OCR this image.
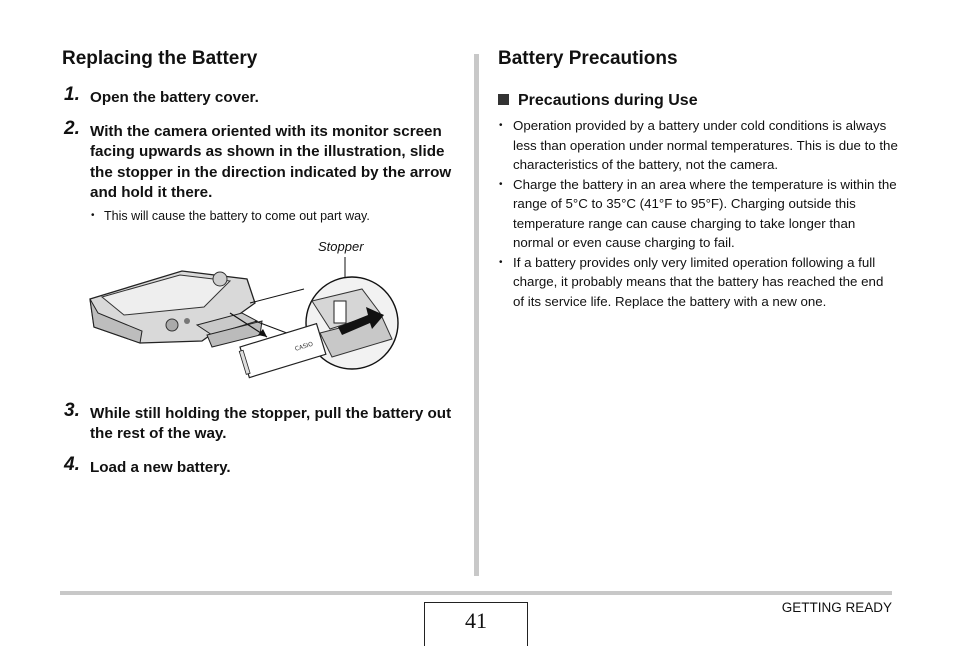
Replacing the Battery
1. Open the battery cover.
2. With the camera oriented with its monitor screen facing upwards as shown in the illustration, slide the stopper in the direction indicated by the arrow and hold it there.
• This will cause the battery to come out part way.
Stopper
CASIO
3. While still holding the stopper, pull the battery out the rest of the way.
4. Load a new battery.
Battery Precautions
Precautions during Use
• Operation provided by a battery under cold conditions is always less than operation under normal temperatures. This is due to the characteristics of the battery, not the camera.
• Charge the battery in an area where the temperature is within the range of 5°C to 35°C (41°F to 95°F). Charging outside this temperature range can cause charging to take longer than normal or even cause charging to fail.
• If a battery provides only very limited operation following a full charge, it probably means that the battery has reached the end of its service life. Replace the battery with a new one.
41
GETTING READY
